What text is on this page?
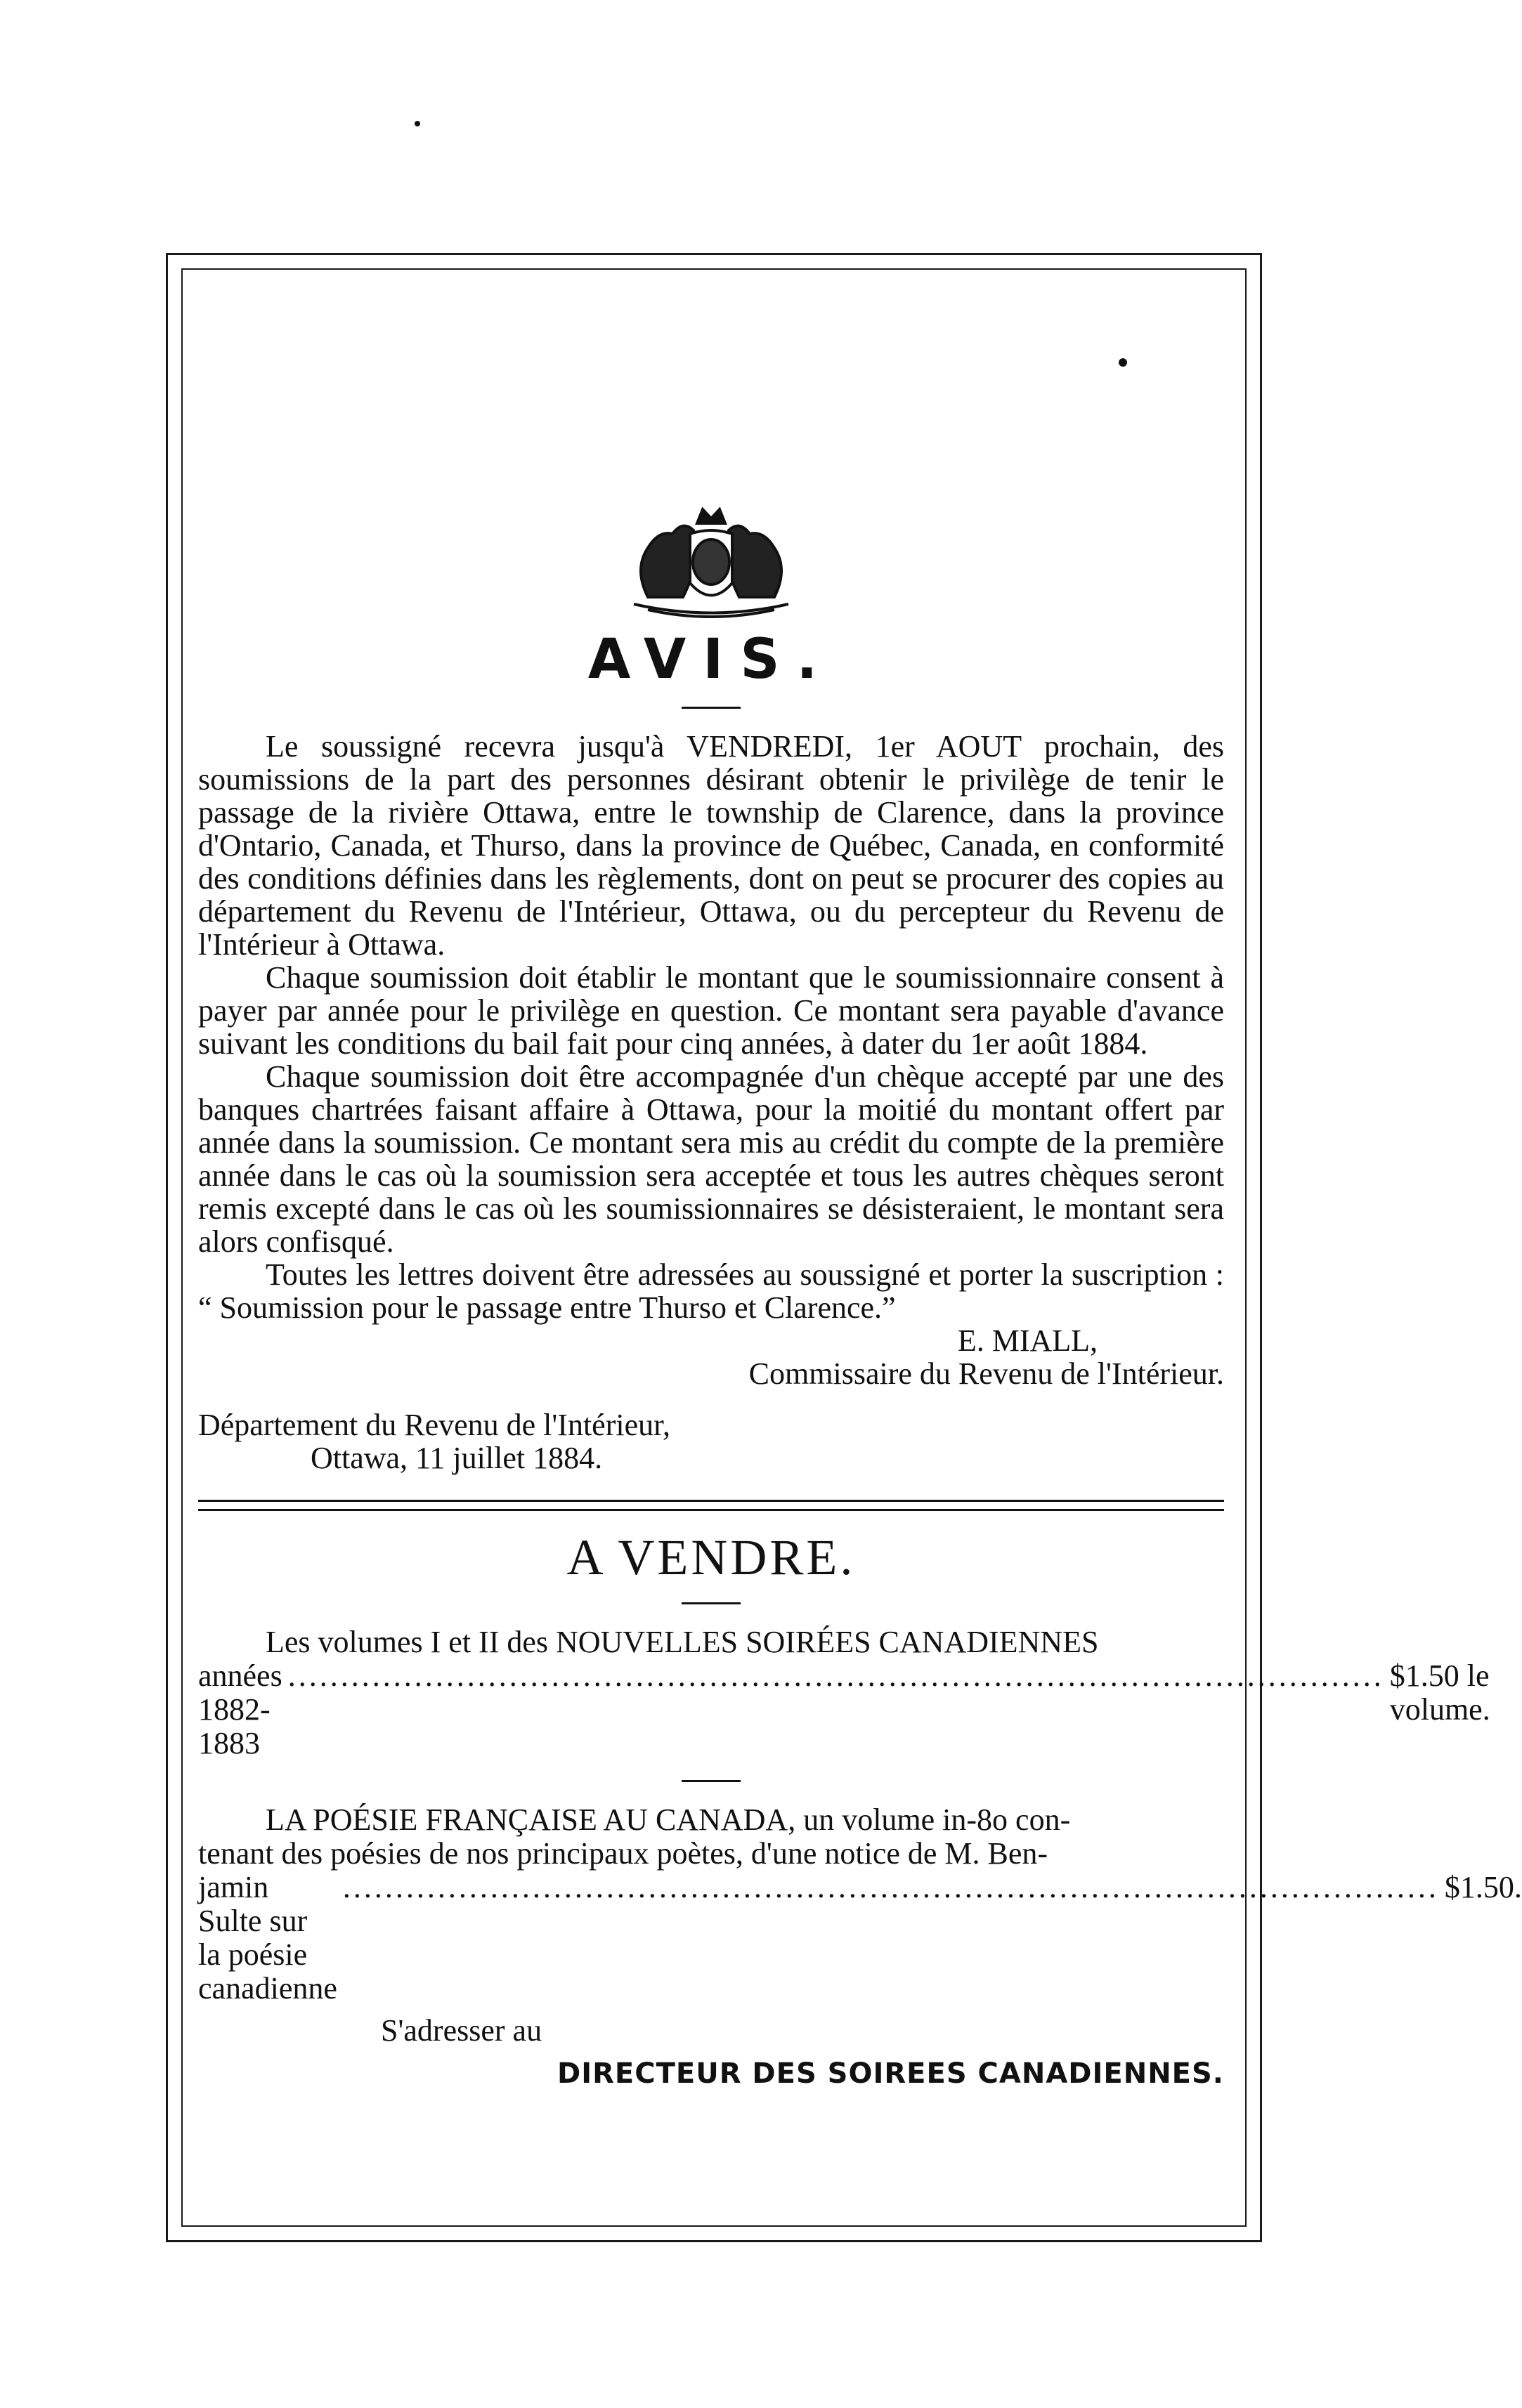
AVIS.

Le soussigné recevra jusqu'à VENDREDI, 1er AOUT prochain, des soumissions de la part des personnes désirant obtenir le privilège de tenir le passage de la rivière Ottawa, entre le township de Clarence, dans la province d'Ontario, Canada, et Thurso, dans la province de Québec, Canada, en conformité des conditions définies dans les règlements, dont on peut se procurer des copies au département du Revenu de l'Intérieur, Ottawa, ou du percepteur du Revenu de l'Intérieur à Ottawa.

Chaque soumission doit établir le montant que le soumissionnaire consent à payer par année pour le privilège en question. Ce montant sera payable d'avance suivant les conditions du bail fait pour cinq années, à dater du 1er août 1884.

Chaque soumission doit être accompagnée d'un chèque accepté par une des banques chartrées faisant affaire à Ottawa, pour la moitié du montant offert par année dans la soumission. Ce montant sera mis au crédit du compte de la première année dans le cas où la soumission sera acceptée et tous les autres chèques seront remis excepté dans le cas où les soumissionnaires se désisteraient, le montant sera alors confisqué.

Toutes les lettres doivent être adressées au soussigné et porter la suscription : “ Soumission pour le passage entre Thurso et Clarence.”

E. MIALL,

Commissaire du Revenu de l'Intérieur.

Département du Revenu de l'Intérieur,

Ottawa, 11 juillet 1884.

A VENDRE.

Les volumes I et II des NOUVELLES SOIRÉES CANADIENNES

années 1882-1883
........................................................................................................ $1.50 le volume.

LA POÉSIE FRANÇAISE AU CANADA, un volume in-8o con-

tenant des poésies de nos principaux poètes, d'une notice de M. Ben-

jamin Sulte sur la poésie canadienne
........................................................................................................ $1.50.

S'adresser au

DIRECTEUR DES SOIREES CANADIENNES.
